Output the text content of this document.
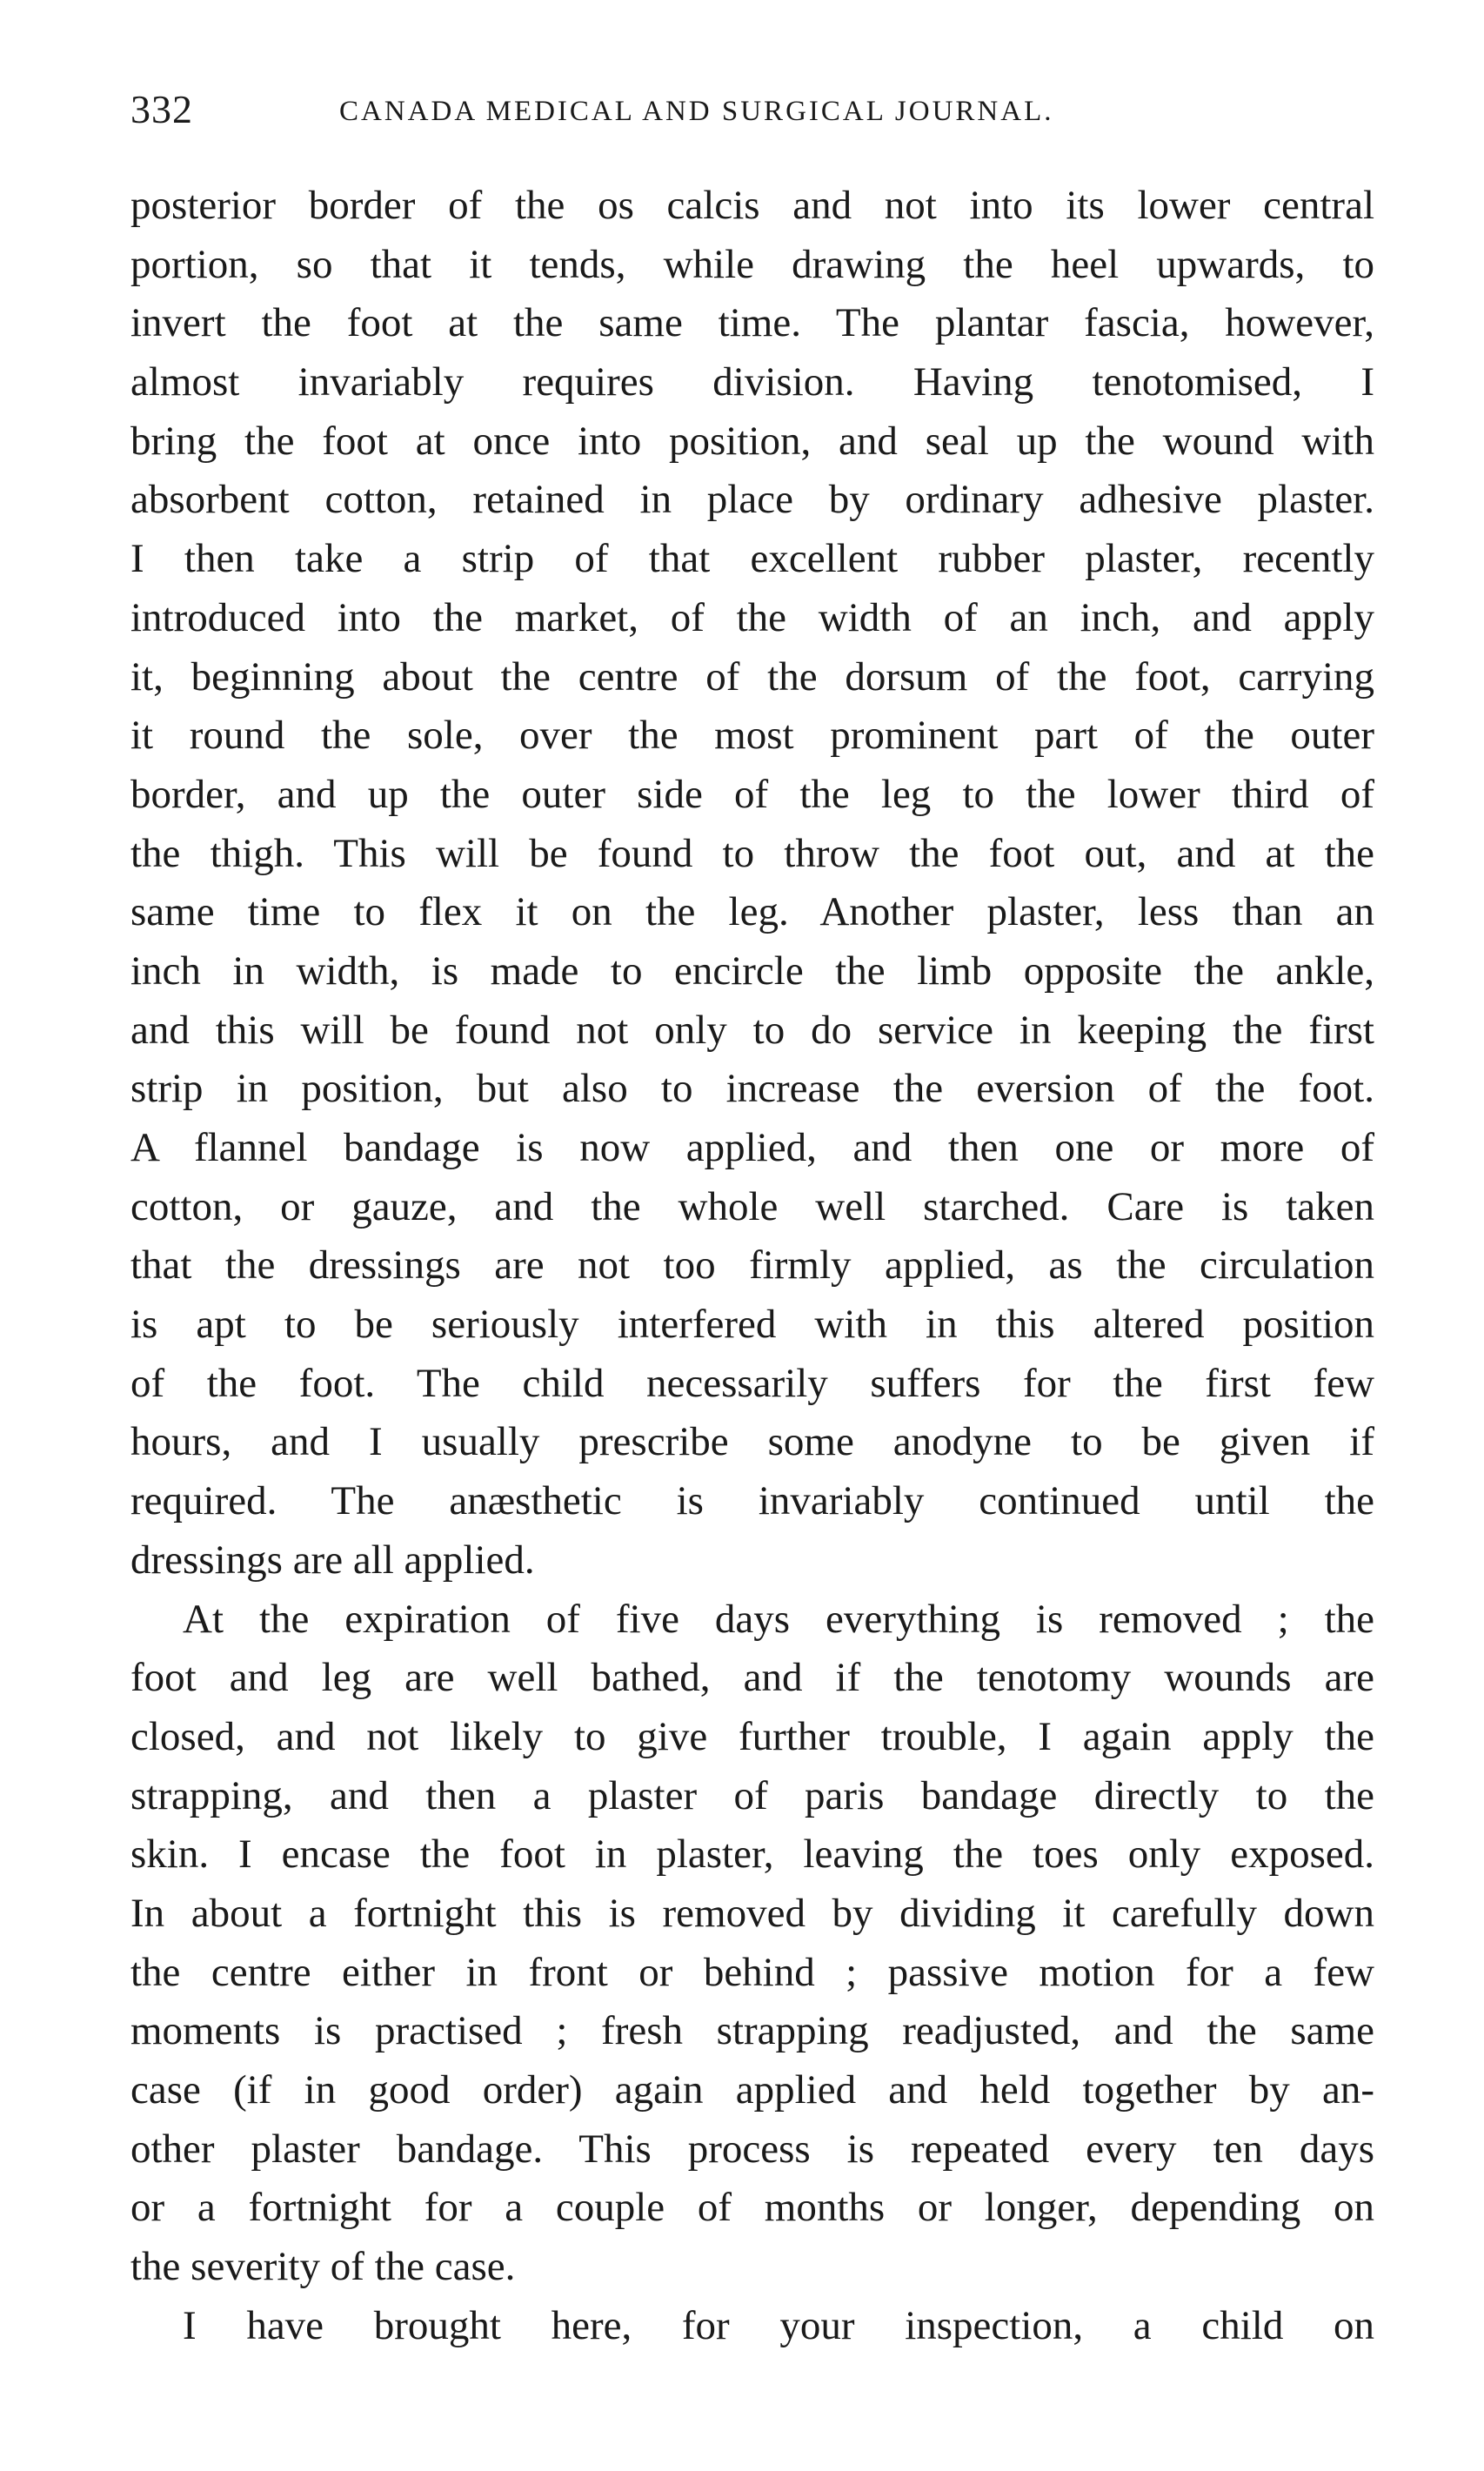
332	CANADA MEDICAL AND SURGICAL JOURNAL.
posterior border of the os calcis and not into its lower central
portion, so that it tends, while drawing the heel upwards, to
invert the foot at the same time. The plantar fascia, however,
almost invariably requires division. Having tenotomised, I
bring the foot at once into position, and seal up the wound with
absorbent cotton, retained in place by ordinary adhesive plaster.
I then take a strip of that excellent rubber plaster, recently
introduced into the market, of the width of an inch, and apply
it, beginning about the centre of the dorsum of the foot, carrying
it round the sole, over the most prominent part of the outer
border, and up the outer side of the leg to the lower third of
the thigh. This will be found to throw the foot out, and at the
same time to flex it on the leg. Another plaster, less than an
inch in width, is made to encircle the limb opposite the ankle,
and this will be found not only to do service in keeping the first
strip in position, but also to increase the eversion of the foot.
A flannel bandage is now applied, and then one or more of
cotton, or gauze, and the whole well starched. Care is taken
that the dressings are not too firmly applied, as the circulation
is apt to be seriously interfered with in this altered position
of the foot. The child necessarily suffers for the first few
hours, and I usually prescribe some anodyne to be given if
required. The anæsthetic is invariably continued until the
dressings are all applied.
At the expiration of five days everything is removed ; the
foot and leg are well bathed, and if the tenotomy wounds are
closed, and not likely to give further trouble, I again apply the
strapping, and then a plaster of paris bandage directly to the
skin. I encase the foot in plaster, leaving the toes only exposed.
In about a fortnight this is removed by dividing it carefully down
the centre either in front or behind ; passive motion for a few
moments is practised ; fresh strapping readjusted, and the same
case (if in good order) again applied and held together by an-
other plaster bandage. This process is repeated every ten days
or a fortnight for a couple of months or longer, depending on
the severity of the case.
I have brought here, for your inspection, a child on
